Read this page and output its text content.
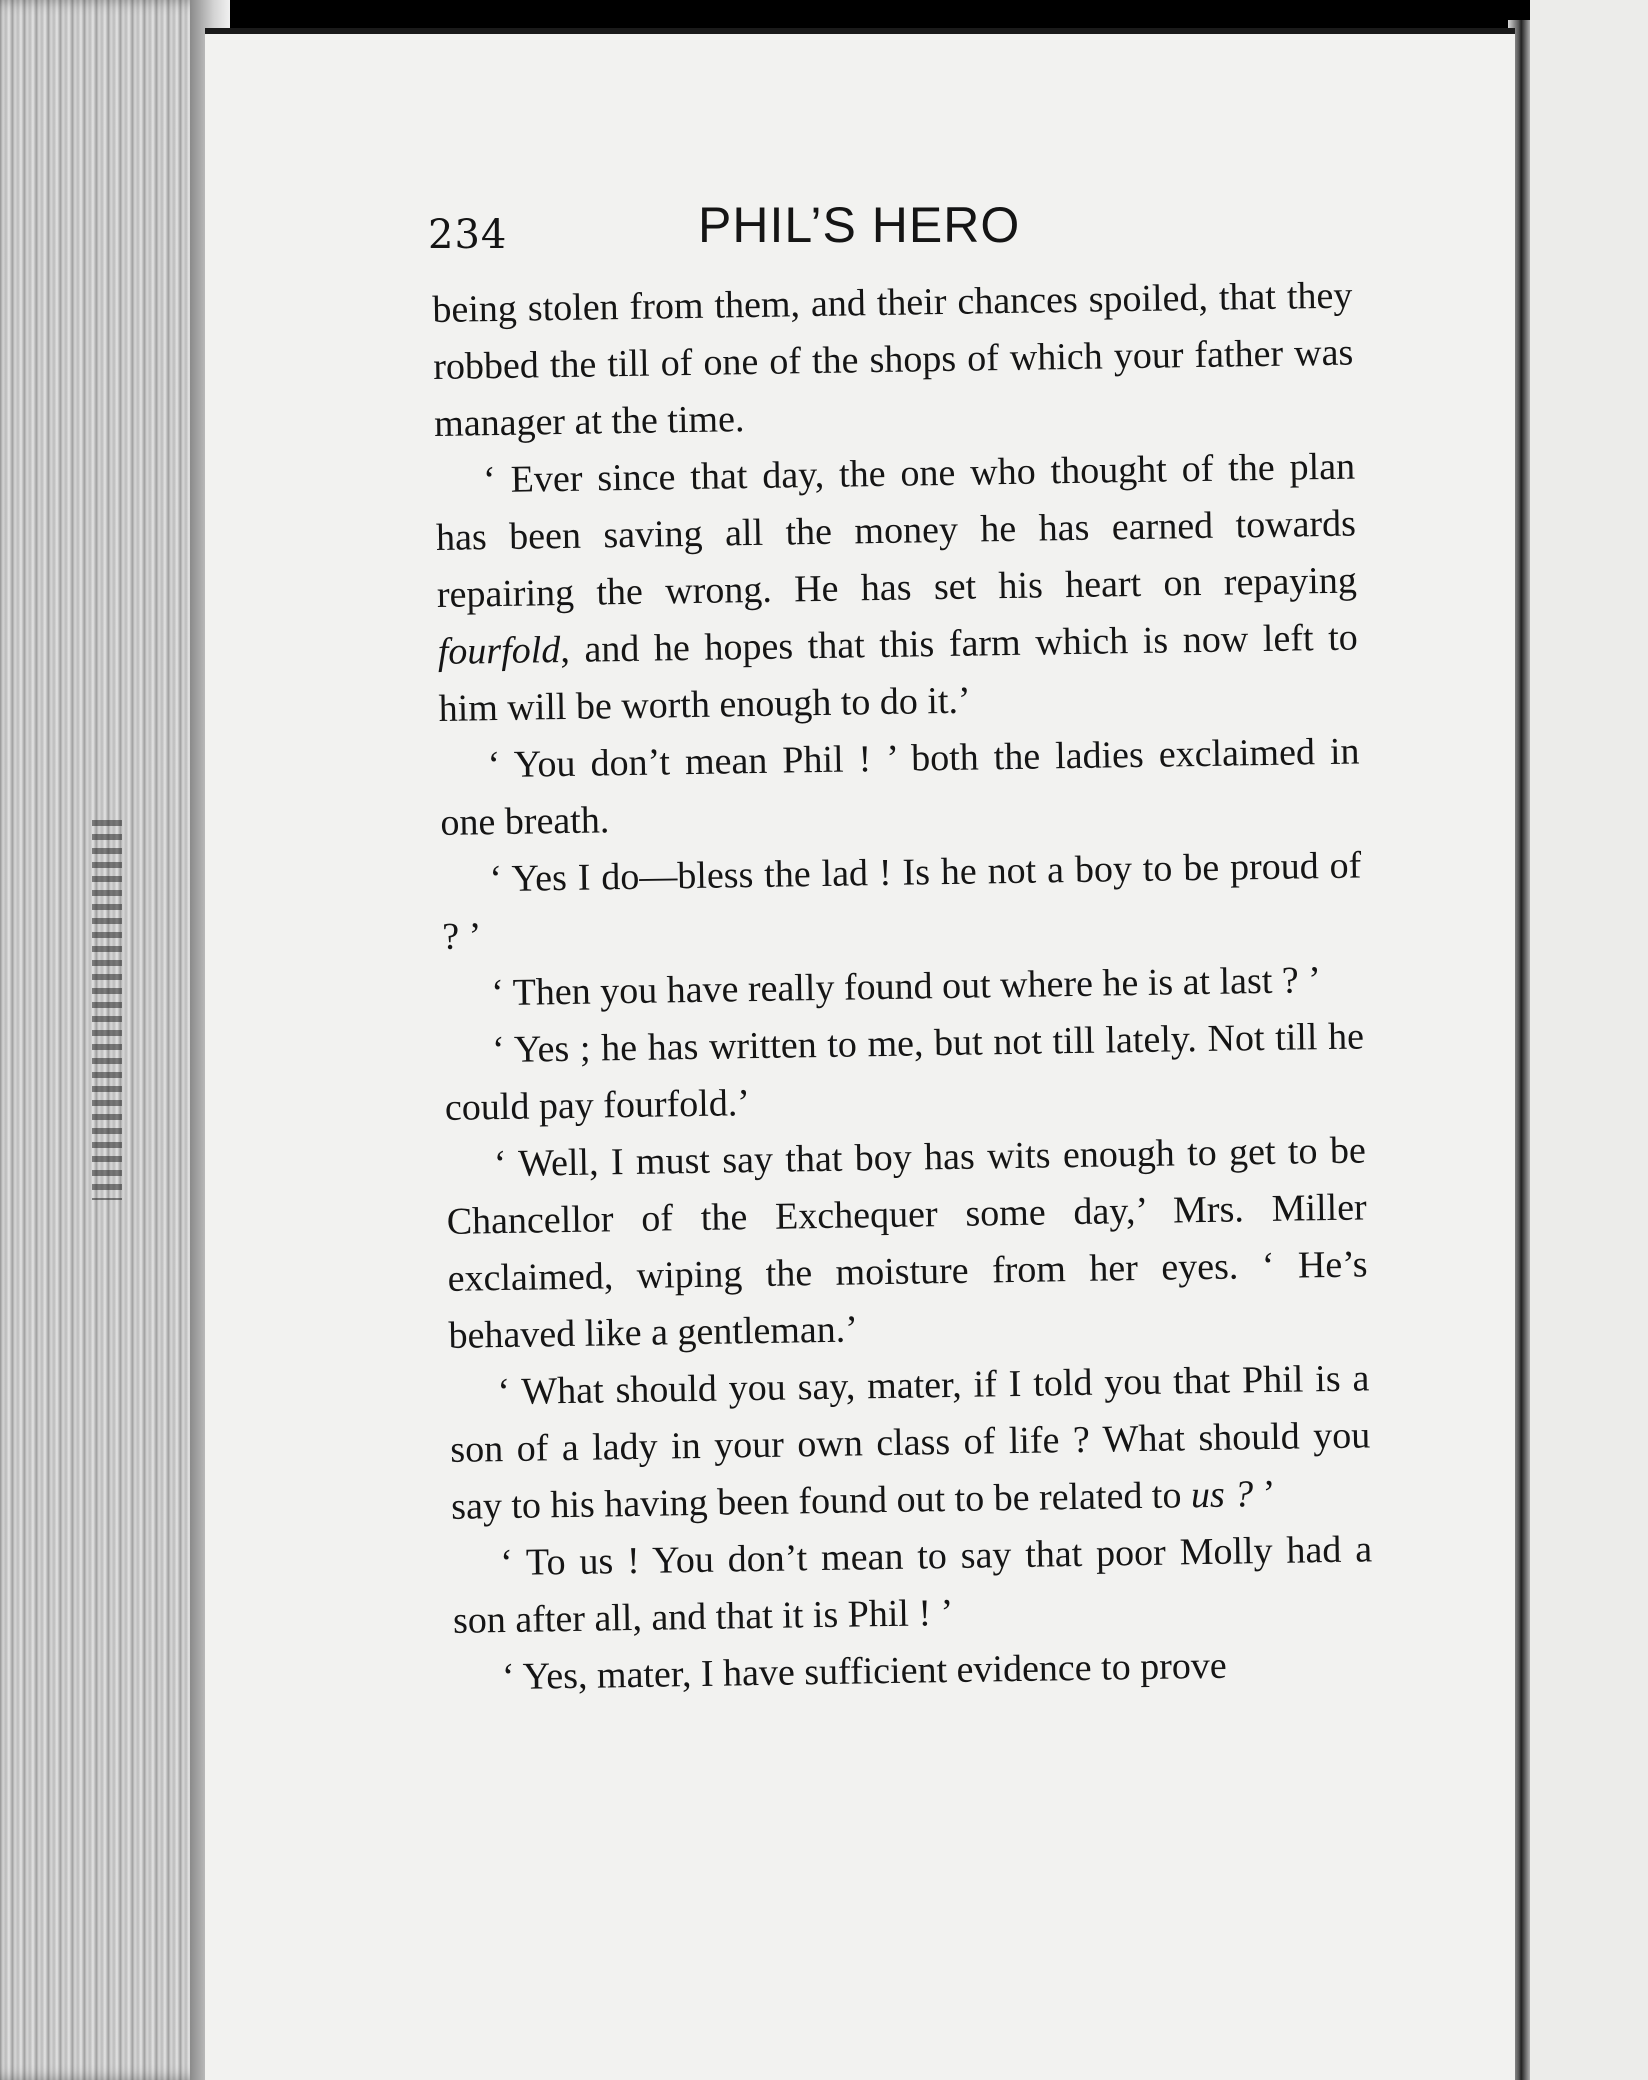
234	PHIL’S HERO

being stolen from them, and their chances spoiled, that they robbed the till of one of the shops of which your father was manager at the time.

‘ Ever since that day, the one who thought of the plan has been saving all the money he has earned towards repairing the wrong. He has set his heart on repaying fourfold, and he hopes that this farm which is now left to him will be worth enough to do it.’

‘ You don’t mean Phil ! ’ both the ladies exclaimed in one breath.

‘ Yes I do—bless the lad ! Is he not a boy to be proud of ? ’

‘ Then you have really found out where he is at last ? ’

‘ Yes ; he has written to me, but not till lately. Not till he could pay fourfold.’

‘ Well, I must say that boy has wits enough to get to be Chancellor of the Exchequer some day,’ Mrs. Miller exclaimed, wiping the moisture from her eyes. ‘ He’s behaved like a gentleman.’

‘ What should you say, mater, if I told you that Phil is a son of a lady in your own class of life ? What should you say to his having been found out to be related to us ? ’

‘ To us ! You don’t mean to say that poor Molly had a son after all, and that it is Phil ! ’

‘ Yes, mater, I have sufficient evidence to prove
